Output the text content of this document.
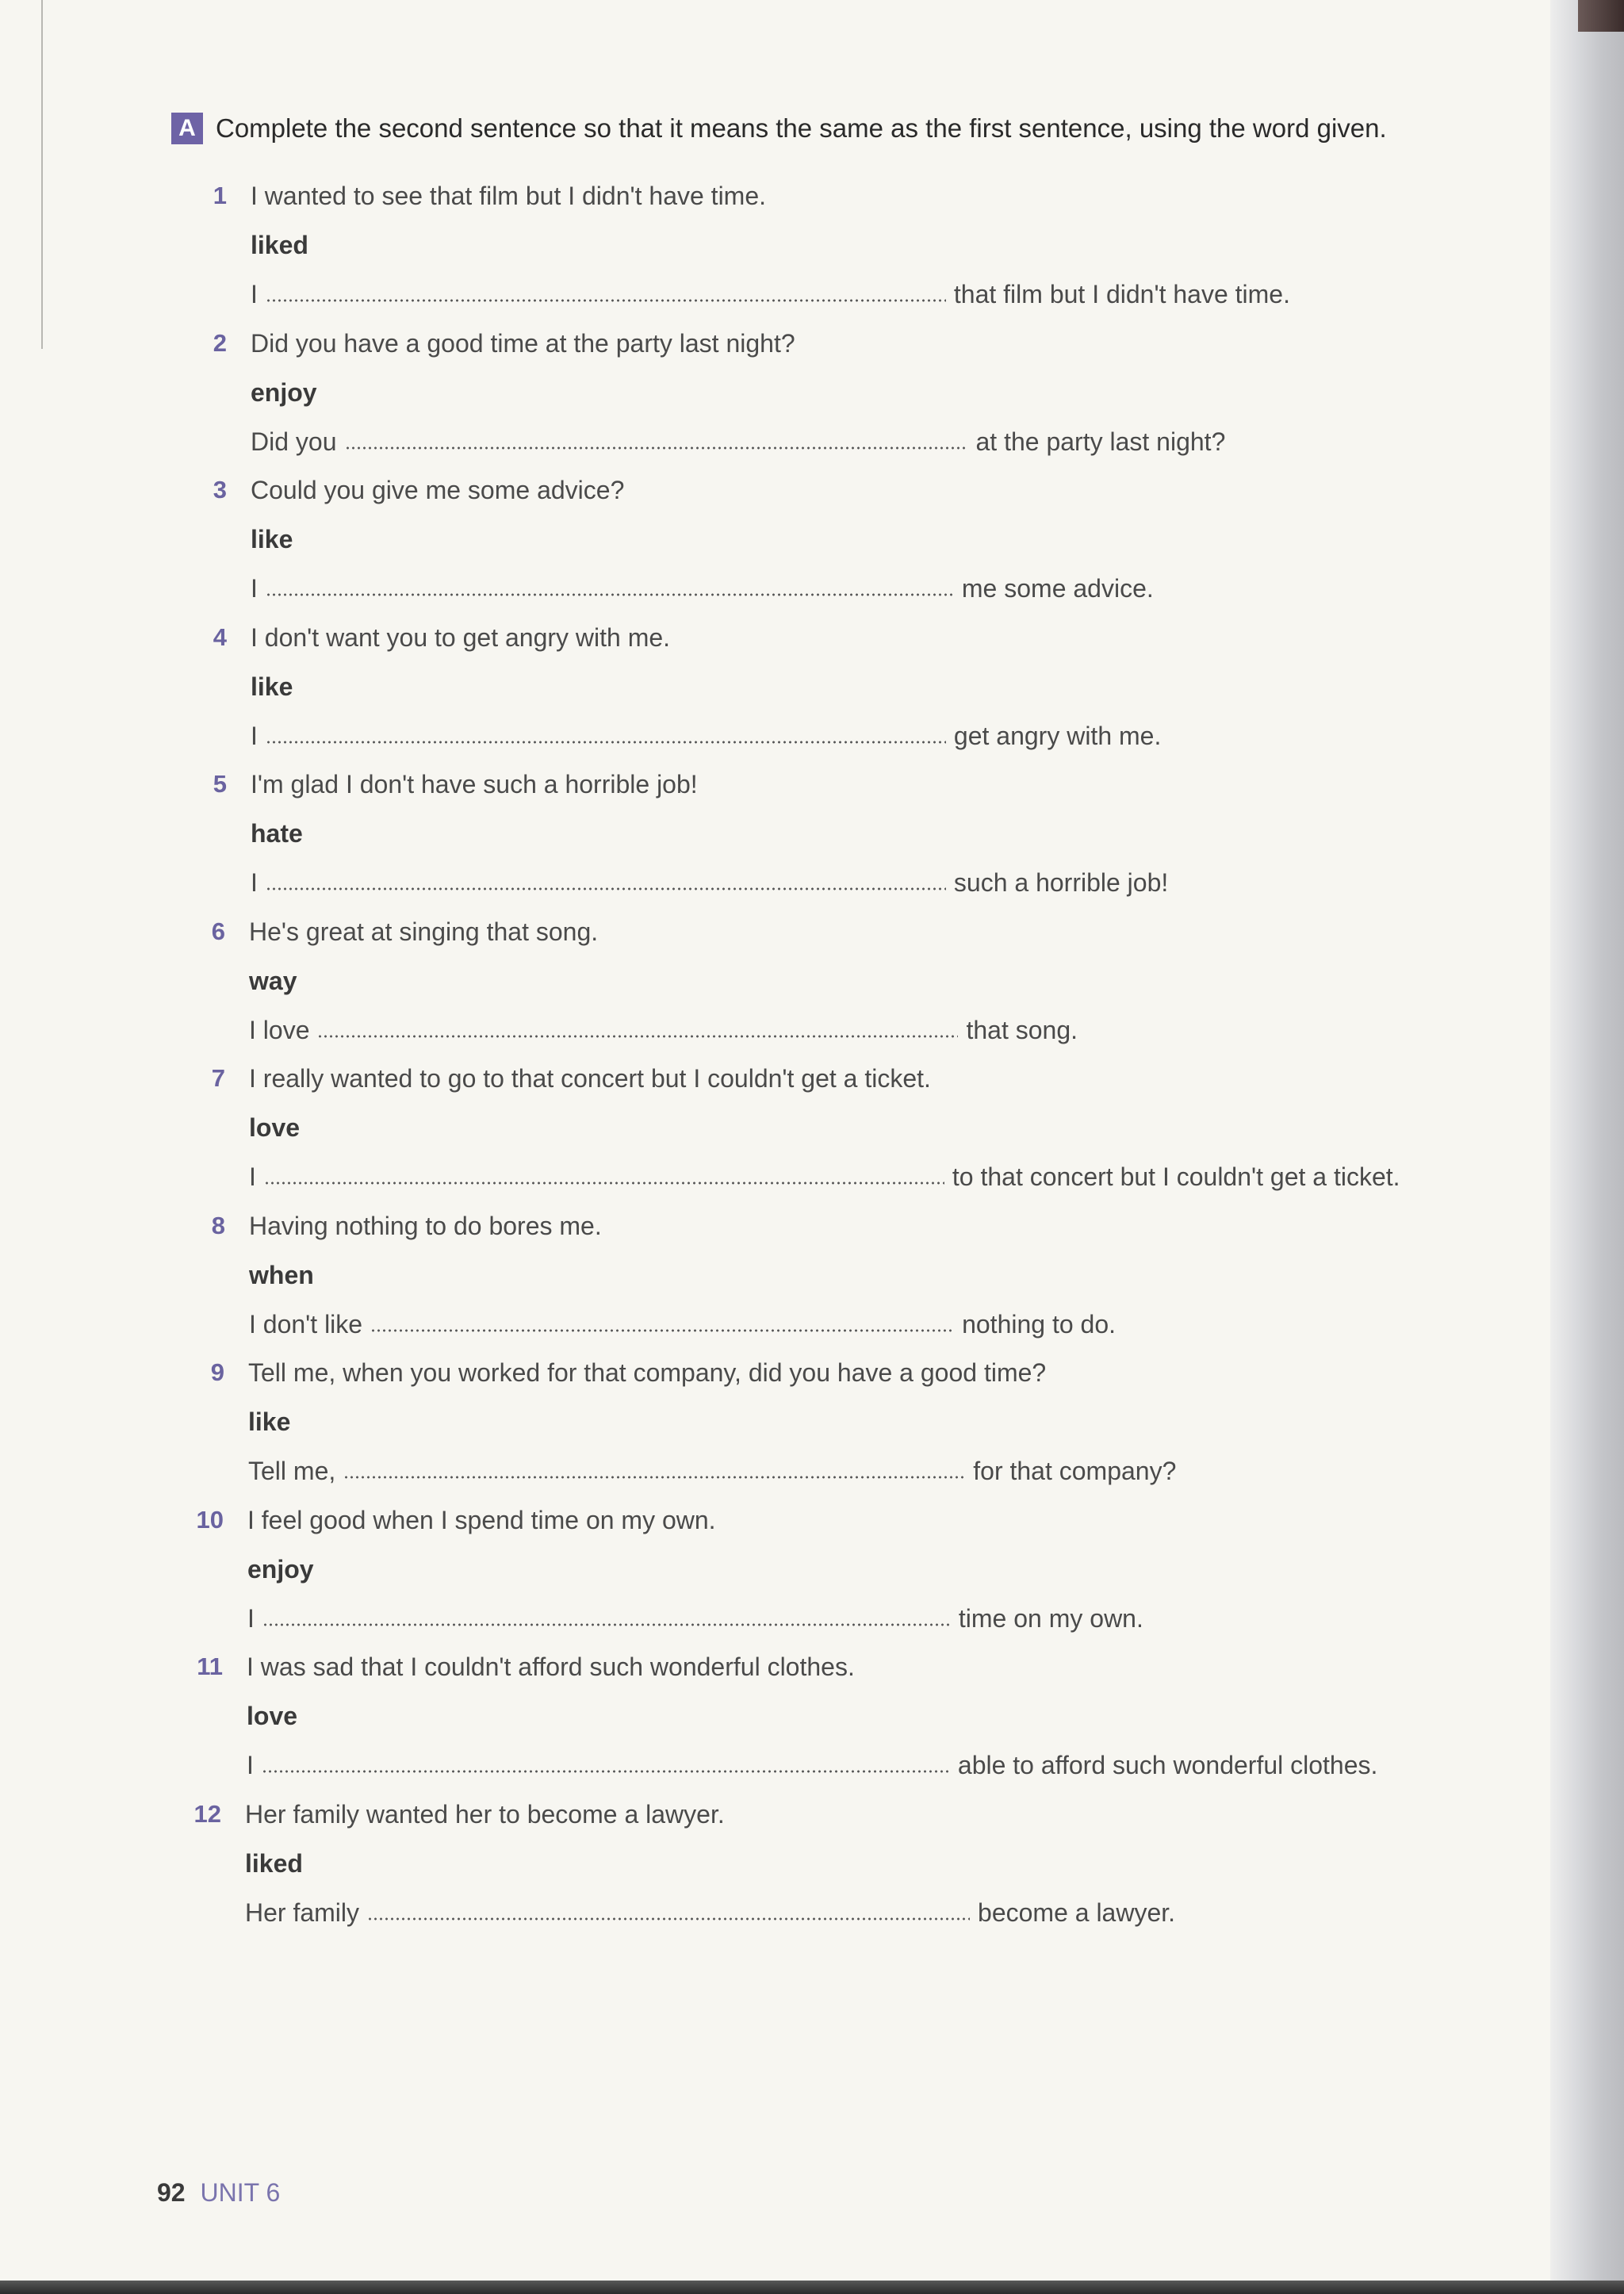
A Complete the second sentence so that it means the same as the first sentence, using the word given.
1 I wanted to see that film but I didn't have time.
liked
I	that film but I didn't have time.
2 Did you have a good time at the party last night?
enjoy
Did you	at the party last night?
3 Could you give me some advice?
like
I	me some advice.
4 I don't want you to get angry with me.
like
I	get angry with me.
5 I'm glad I don't have such a horrible job!
hate
I	such a horrible job!
6 He's great at singing that song.
way
I love	that song.
7 I really wanted to go to that concert but I couldn't get a ticket.
love
I	to that concert but I couldn't get a ticket.
8 Having nothing to do bores me.
when
I don't like	nothing to do.
9 Tell me, when you worked for that company, did you have a good time?
like
Tell me,	for that company?
10 I feel good when I spend time on my own.
enjoy
I	time on my own.
11 I was sad that I couldn't afford such wonderful clothes.
love
I	able to afford such wonderful clothes.
12 Her family wanted her to become a lawyer.
liked
Her family	become a lawyer.
92 UNIT 6
